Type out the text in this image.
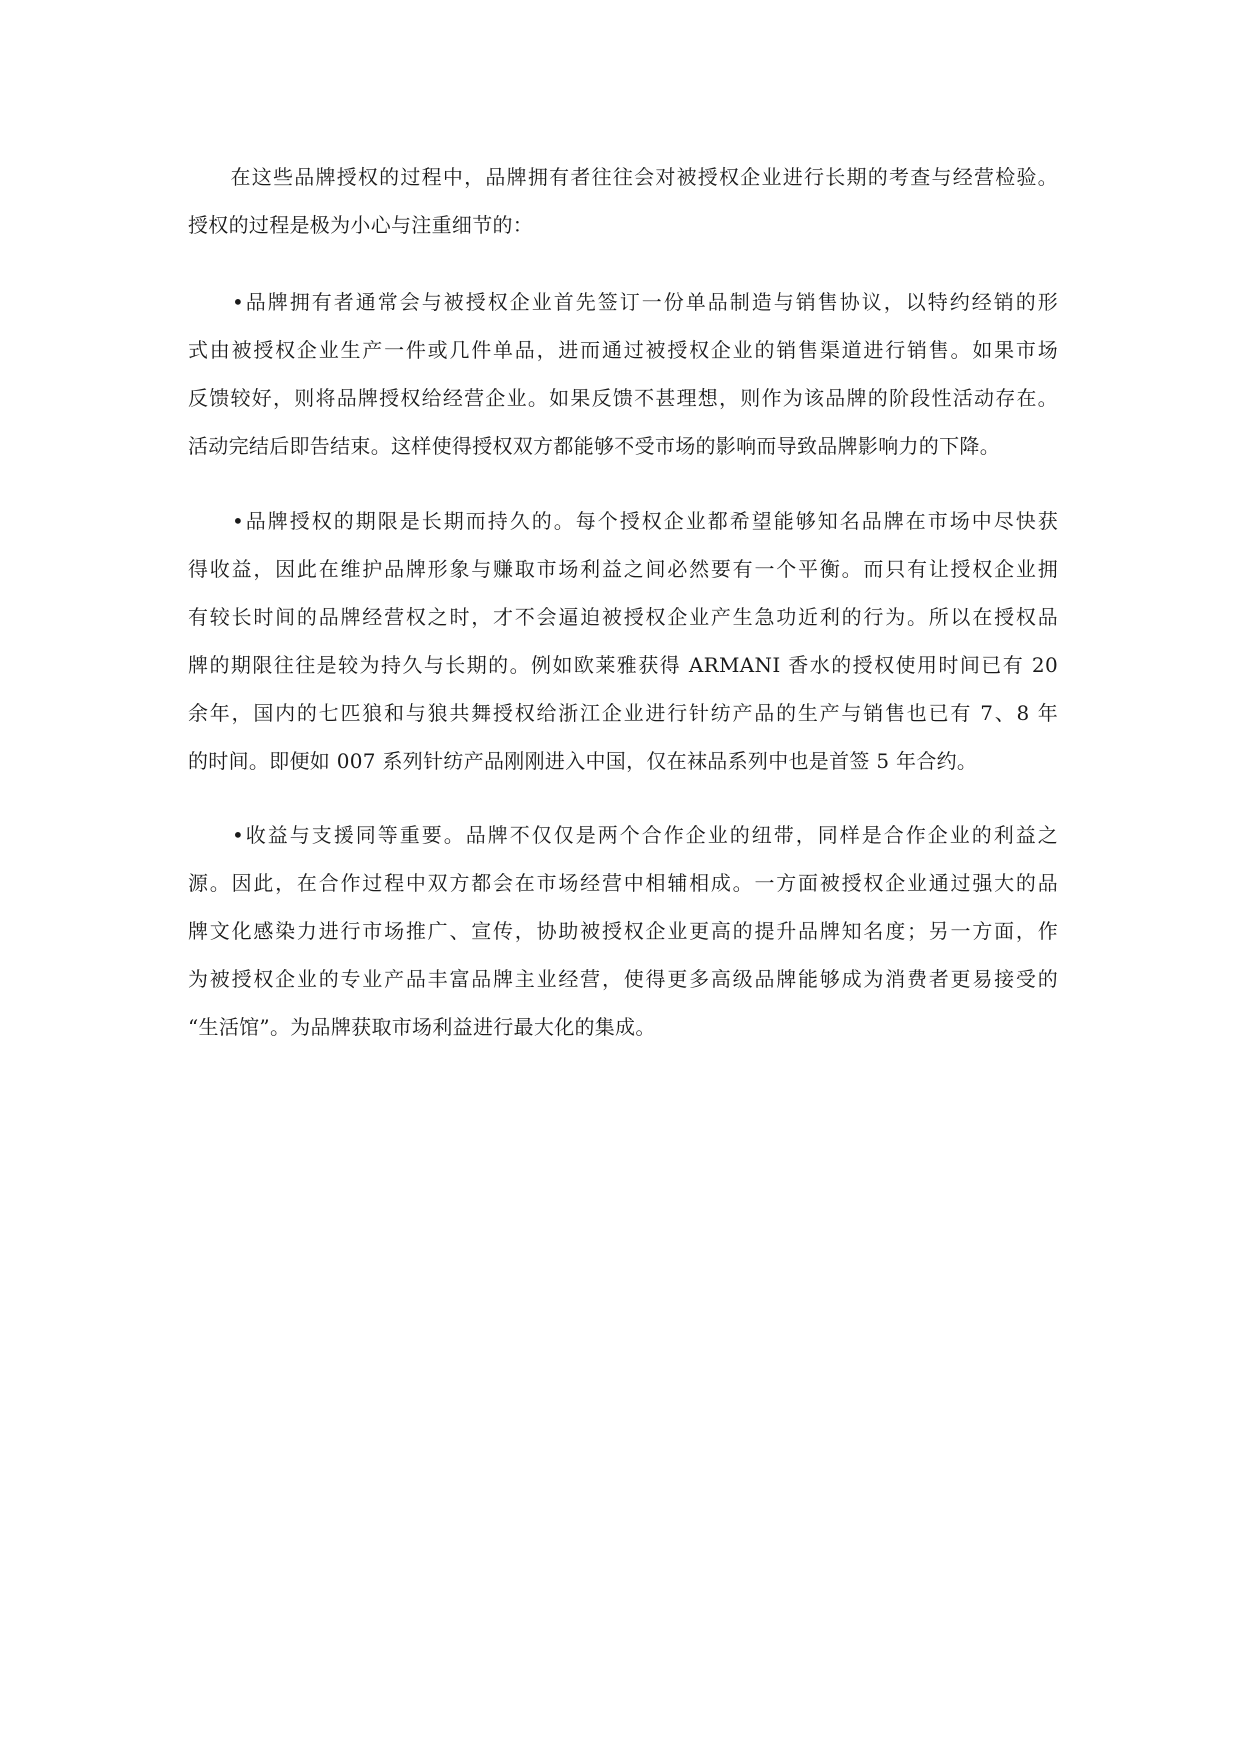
　　在这些品牌授权的过程中，品牌拥有者往往会对被授权企业进行长期的考查与经营检验。
授权的过程是极为小心与注重细节的：
　　•品牌拥有者通常会与被授权企业首先签订一份单品制造与销售协议，以特约经销的形
式由被授权企业生产一件或几件单品，进而通过被授权企业的销售渠道进行销售。如果市场
反馈较好，则将品牌授权给经营企业。如果反馈不甚理想，则作为该品牌的阶段性活动存在。
活动完结后即告结束。这样使得授权双方都能够不受市场的影响而导致品牌影响力的下降。
　　•品牌授权的期限是长期而持久的。每个授权企业都希望能够知名品牌在市场中尽快获
得收益，因此在维护品牌形象与赚取市场利益之间必然要有一个平衡。而只有让授权企业拥
有较长时间的品牌经营权之时，才不会逼迫被授权企业产生急功近利的行为。所以在授权品
牌的期限往往是较为持久与长期的。例如欧莱雅获得 ARMANI 香水的授权使用时间已有 20
余年，国内的七匹狼和与狼共舞授权给浙江企业进行针纺产品的生产与销售也已有 7、8 年
的时间。即便如 007 系列针纺产品刚刚进入中国，仅在袜品系列中也是首签 5 年合约。
　　•收益与支援同等重要。品牌不仅仅是两个合作企业的纽带，同样是合作企业的利益之
源。因此，在合作过程中双方都会在市场经营中相辅相成。一方面被授权企业通过强大的品
牌文化感染力进行市场推广、宣传，协助被授权企业更高的提升品牌知名度；另一方面，作
为被授权企业的专业产品丰富品牌主业经营，使得更多高级品牌能够成为消费者更易接受的
“生活馆”。为品牌获取市场利益进行最大化的集成。
